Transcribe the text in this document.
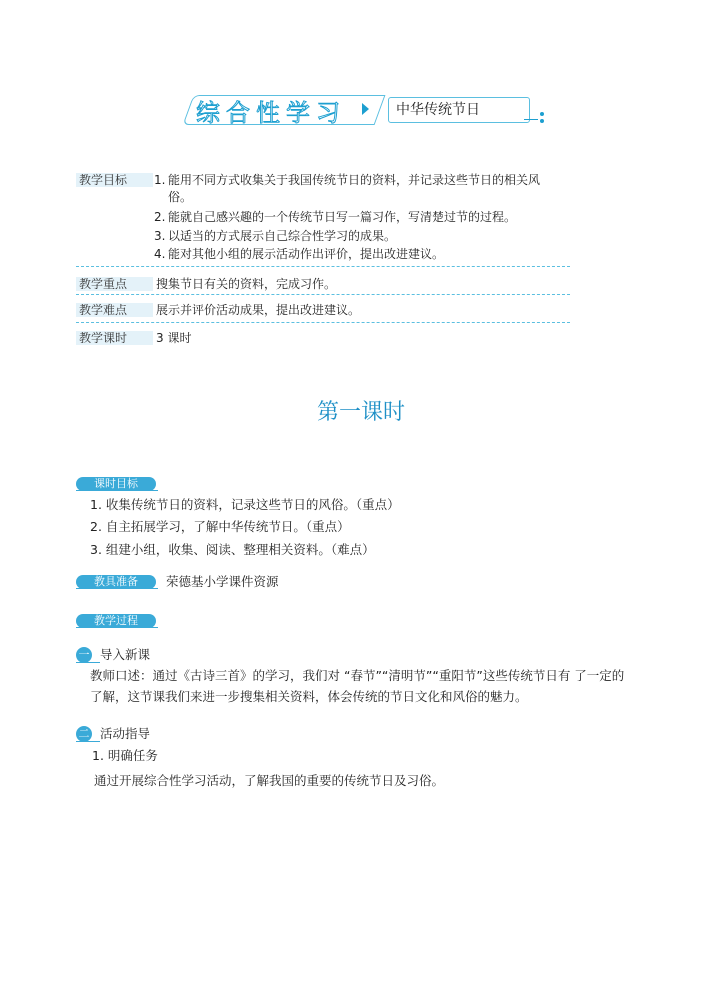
综合性学习	中华传统节日
教学目标	1. 能用不同方式收集关于我国传统节日的资料，并记录这些节日的相关风
俗。
2. 能就自己感兴趣的一个传统节日写一篇习作，写清楚过节的过程。
3. 以适当的方式展示自己综合性学习的成果。
4. 能对其他小组的展示活动作出评价，提出改进建议。
教学重点	搜集节日有关的资料，完成习作。
教学难点	展示并评价活动成果，提出改进建议。
教学课时	3 课时
第一课时
课时目标
1. 收集传统节日的资料，记录这些节日的风俗。（重点）
2. 自主拓展学习，了解中华传统节日。（重点）
3. 组建小组，收集、阅读、整理相关资料。（难点）
教具准备	荣德基小学课件资源
教学过程
一 导入新课
教师口述：通过《古诗三首》的学习，我们对 “春节”“清明节”“重阳节”这些传统节日有 了一定的
了解，这节课我们来进一步搜集相关资料，体会传统的节日文化和风俗的魅力。
二 活动指导
1. 明确任务
通过开展综合性学习活动，了解我国的重要的传统节日及习俗。
